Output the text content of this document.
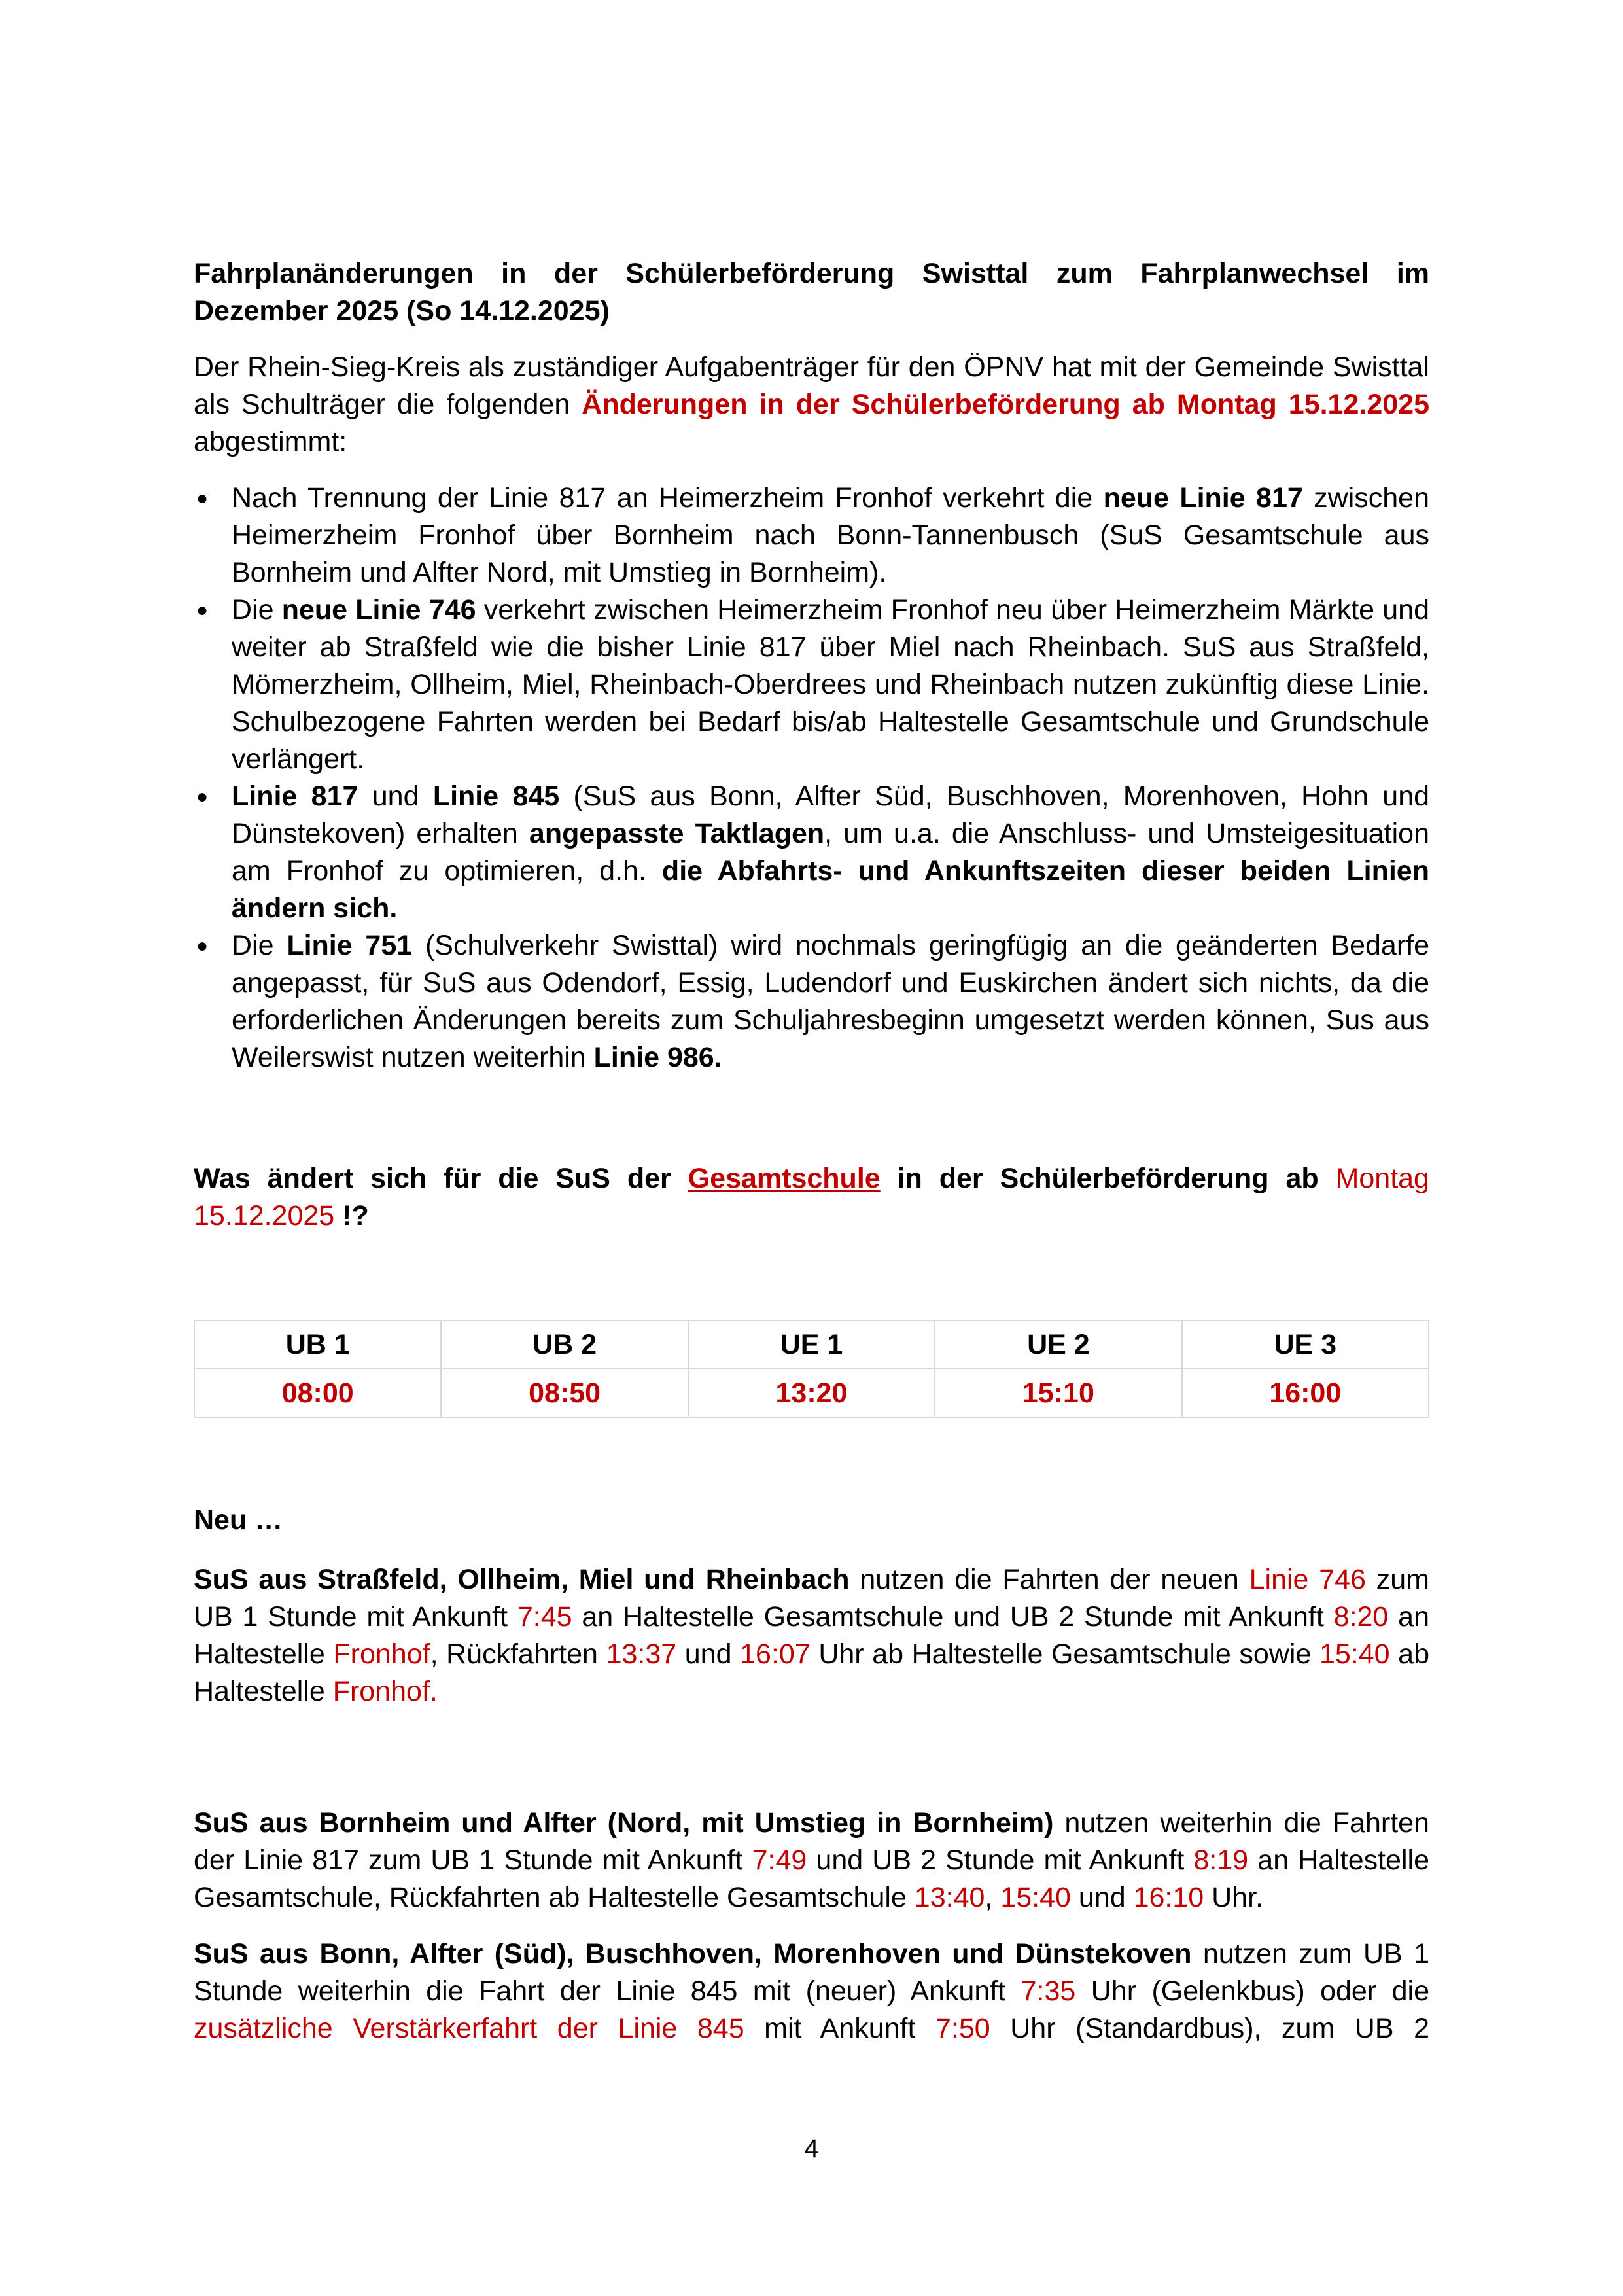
Fahrplanänderungen in der Schülerbeförderung Swisttal zum Fahrplanwechsel im Dezember 2025 (So 14.12.2025)

Der Rhein-Sieg-Kreis als zuständiger Aufgabenträger für den ÖPNV hat mit der Gemeinde Swisttal als Schulträger die folgenden Änderungen in der Schülerbeförderung ab Montag 15.12.2025 abgestimmt:

● Nach Trennung der Linie 817 an Heimerzheim Fronhof verkehrt die neue Linie 817 zwischen Heimerzheim Fronhof über Bornheim nach Bonn-Tannenbusch (SuS Gesamtschule aus Bornheim und Alfter Nord, mit Umstieg in Bornheim).
● Die neue Linie 746 verkehrt zwischen Heimerzheim Fronhof neu über Heimerzheim Märkte und weiter ab Straßfeld wie die bisher Linie 817 über Miel nach Rheinbach. SuS aus Straßfeld, Mömerzheim, Ollheim, Miel, Rheinbach-Oberdrees und Rheinbach nutzen zukünftig diese Linie. Schulbezogene Fahrten werden bei Bedarf bis/ab Haltestelle Gesamtschule und Grundschule verlängert.
● Linie 817 und Linie 845 (SuS aus Bonn, Alfter Süd, Buschhoven, Morenhoven, Hohn und Dünstekoven) erhalten angepasste Taktlagen, um u.a. die Anschluss- und Umsteigesituation am Fronhof zu optimieren, d.h. die Abfahrts- und Ankunftszeiten dieser beiden Linien ändern sich.
● Die Linie 751 (Schulverkehr Swisttal) wird nochmals geringfügig an die geänderten Bedarfe angepasst, für SuS aus Odendorf, Essig, Ludendorf und Euskirchen ändert sich nichts, da die erforderlichen Änderungen bereits zum Schuljahresbeginn umgesetzt werden können, Sus aus Weilerswist nutzen weiterhin Linie 986.

Was ändert sich für die SuS der Gesamtschule in der Schülerbeförderung ab Montag 15.12.2025 !?

UB 1	UB 2	UE 1	UE 2	UE 3
08:00	08:50	13:20	15:10	16:00

Neu …

SuS aus Straßfeld, Ollheim, Miel und Rheinbach nutzen die Fahrten der neuen Linie 746 zum UB 1 Stunde mit Ankunft 7:45 an Haltestelle Gesamtschule und UB 2 Stunde mit Ankunft 8:20 an Haltestelle Fronhof, Rückfahrten 13:37 und 16:07 Uhr ab Haltestelle Gesamtschule sowie 15:40 ab Haltestelle Fronhof.

SuS aus Bornheim und Alfter (Nord, mit Umstieg in Bornheim) nutzen weiterhin die Fahrten der Linie 817 zum UB 1 Stunde mit Ankunft 7:49 und UB 2 Stunde mit Ankunft 8:19 an Haltestelle Gesamtschule, Rückfahrten ab Haltestelle Gesamtschule 13:40, 15:40 und 16:10 Uhr.

SuS aus Bonn, Alfter (Süd), Buschhoven, Morenhoven und Dünstekoven nutzen zum UB 1 Stunde weiterhin die Fahrt der Linie 845 mit (neuer) Ankunft 7:35 Uhr (Gelenkbus) oder die zusätzliche Verstärkerfahrt der Linie 845 mit Ankunft 7:50 Uhr (Standardbus), zum UB 2

4
